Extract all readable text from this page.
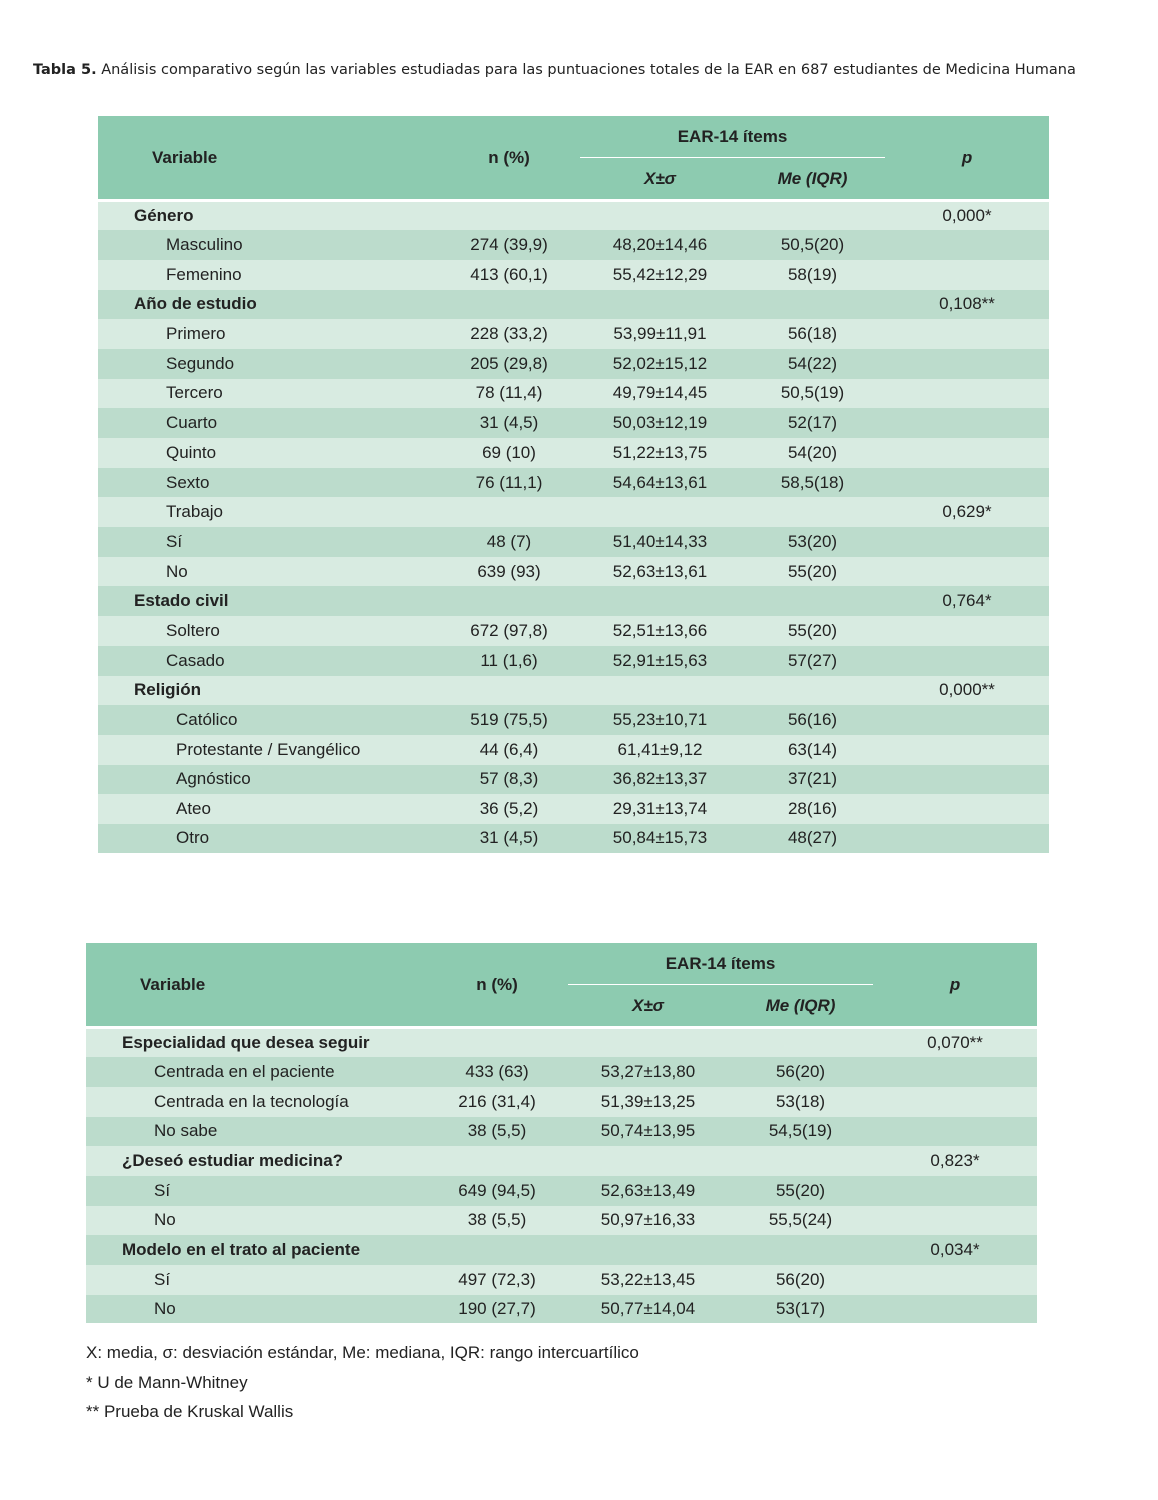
Tabla 5. Análisis comparativo según las variables estudiadas para las puntuaciones totales de la EAR en 687 estudiantes de Medicina Humana
Variable	n (%)	EAR-14 ítems		p
		X±σ	Me (IQR)	
Género				0,000*
Masculino	274 (39,9)	48,20±14,46	50,5(20)	
Femenino	413 (60,1)	55,42±12,29	58(19)	
Año de estudio				0,108**
Primero	228 (33,2)	53,99±11,91	56(18)	
Segundo	205 (29,8)	52,02±15,12	54(22)	
Tercero	78 (11,4)	49,79±14,45	50,5(19)	
Cuarto	31 (4,5)	50,03±12,19	52(17)	
Quinto	69 (10)	51,22±13,75	54(20)	
Sexto	76 (11,1)	54,64±13,61	58,5(18)	
Trabajo				0,629*
Sí	48 (7)	51,40±14,33	53(20)	
No	639 (93)	52,63±13,61	55(20)	
Estado civil				0,764*
Soltero	672 (97,8)	52,51±13,66	55(20)	
Casado	11 (1,6)	52,91±15,63	57(27)	
Religión				0,000**
Católico	519 (75,5)	55,23±10,71	56(16)	
Protestante / Evangélico	44 (6,4)	61,41±9,12	63(14)	
Agnóstico	57 (8,3)	36,82±13,37	37(21)	
Ateo	36 (5,2)	29,31±13,74	28(16)	
Otro	31 (4,5)	50,84±15,73	48(27)	
Variable	n (%)	EAR-14 ítems		p
		X±σ	Me (IQR)	
Especialidad que desea seguir				0,070**
Centrada en el paciente	433 (63)	53,27±13,80	56(20)	
Centrada en la tecnología	216 (31,4)	51,39±13,25	53(18)	
No sabe	38 (5,5)	50,74±13,95	54,5(19)	
¿Deseó estudiar medicina?				0,823*
Sí	649 (94,5)	52,63±13,49	55(20)	
No	38 (5,5)	50,97±16,33	55,5(24)	
Modelo en el trato al paciente				0,034*
Sí	497 (72,3)	53,22±13,45	56(20)	
No	190 (27,7)	50,77±14,04	53(17)	
X: media, σ: desviación estándar, Me: mediana, IQR: rango intercuartílico
* U de Mann-Whitney
** Prueba de Kruskal Wallis
